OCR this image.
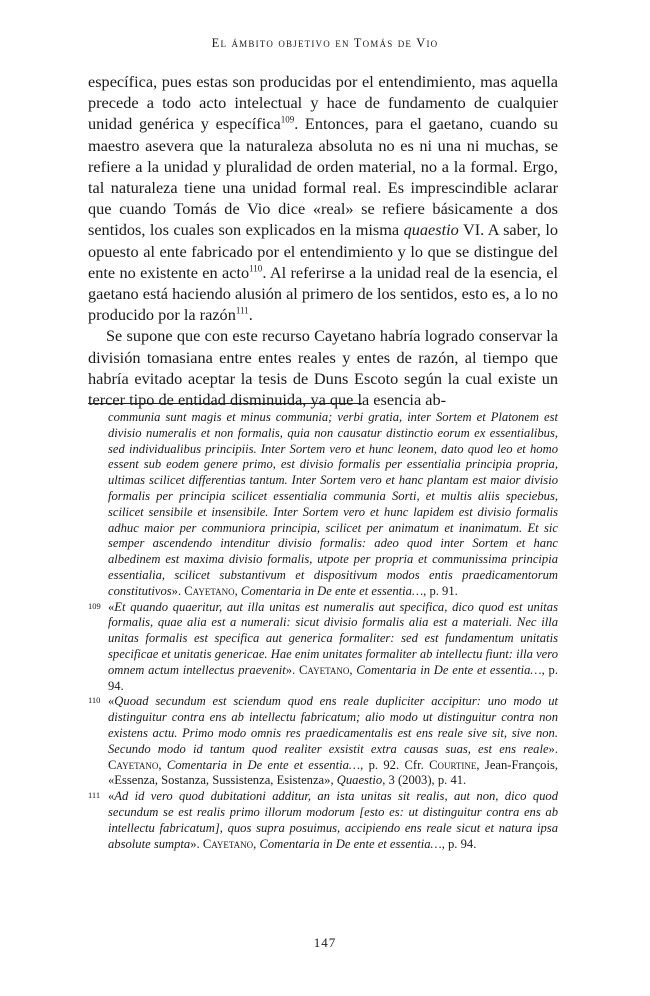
El ámbito objetivo en Tomás de Vio

específica, pues estas son producidas por el entendimiento, mas aquella precede a todo acto intelectual y hace de fundamento de cualquier unidad genérica y específica$^{109}$. Entonces, para el gaetano, cuando su maestro asevera que la naturaleza absoluta no es ni una ni muchas, se refiere a la unidad y pluralidad de orden material, no a la formal. Ergo, tal naturaleza tiene una unidad formal real. Es imprescindible aclarar que cuando Tomás de Vio dice «real» se refiere básicamente a dos sentidos, los cuales son explicados en la misma quaestio VI. A saber, lo opuesto al ente fabricado por el entendimiento y lo que se distingue del ente no existente en acto$^{110}$. Al referirse a la unidad real de la esencia, el gaetano está haciendo alusión al primero de los sentidos, esto es, a lo no producido por la razón$^{111}$.

Se supone que con este recurso Cayetano habría logrado conservar la división tomasiana entre entes reales y entes de razón, al tiempo que habría evitado aceptar la tesis de Duns Escoto según la cual existe un tercer tipo de entidad disminuida, ya que la esencia ab-

communia sunt magis et minus communia; verbi gratia, inter Sortem et Platonem est divisio numeralis et non formalis, quia non causatur distinctio eorum ex essentialibus, sed individualibus principiis. Inter Sortem vero et hunc leonem, dato quod leo et homo essent sub eodem genere primo, est divisio formalis per essentialia principia propria, ultimas scilicet differentias tantum. Inter Sortem vero et hanc plantam est maior divisio formalis per principia scilicet essentialia communia Sorti, et multis aliis speciebus, scilicet sensibile et insensibile. Inter Sortem vero et hunc lapidem est divisio formalis adhuc maior per communiora principia, scilicet per animatum et inanimatum. Et sic semper ascendendo intenditur divisio formalis: adeo quod inter Sortem et hanc albedinem est maxima divisio formalis, utpote per propria et communissima principia essentialia, scilicet substantivum et dispositivum modos entis praedicamentorum constitutivos». Cayetano, Comentaria in De ente et essentia…, p. 91.

109 «Et quando quaeritur, aut illa unitas est numeralis aut specifica, dico quod est unitas formalis, quae alia est a numerali: sicut divisio formalis alia est a materiali. Nec illa unitas formalis est specifica aut generica formaliter: sed est fundamentum unitatis specificae et unitatis genericae. Hae enim unitates formaliter ab intellectu fiunt: illa vero omnem actum intellectus praevenit». Cayetano, Comentaria in De ente et essentia…, p. 94.

110 «Quoad secundum est sciendum quod ens reale dupliciter accipitur: uno modo ut distinguitur contra ens ab intellectu fabricatum; alio modo ut distinguitur contra non existens actu. Primo modo omnis res praedicamentalis est ens reale sive sit, sive non. Secundo modo id tantum quod realiter exsistit extra causas suas, est ens reale». Cayetano, Comentaria in De ente et essentia…, p. 92. Cfr. Courtine, Jean-François, «Essenza, Sostanza, Sussistenza, Esistenza», Quaestio, 3 (2003), p. 41.

111 «Ad id vero quod dubitationi additur, an ista unitas sit realis, aut non, dico quod secundum se est realis primo illorum modorum [esto es: ut distinguitur contra ens ab intellectu fabricatum], quos supra posuimus, accipiendo ens reale sicut et natura ipsa absolute sumpta». Cayetano, Comentaria in De ente et essentia…, p. 94.

147
